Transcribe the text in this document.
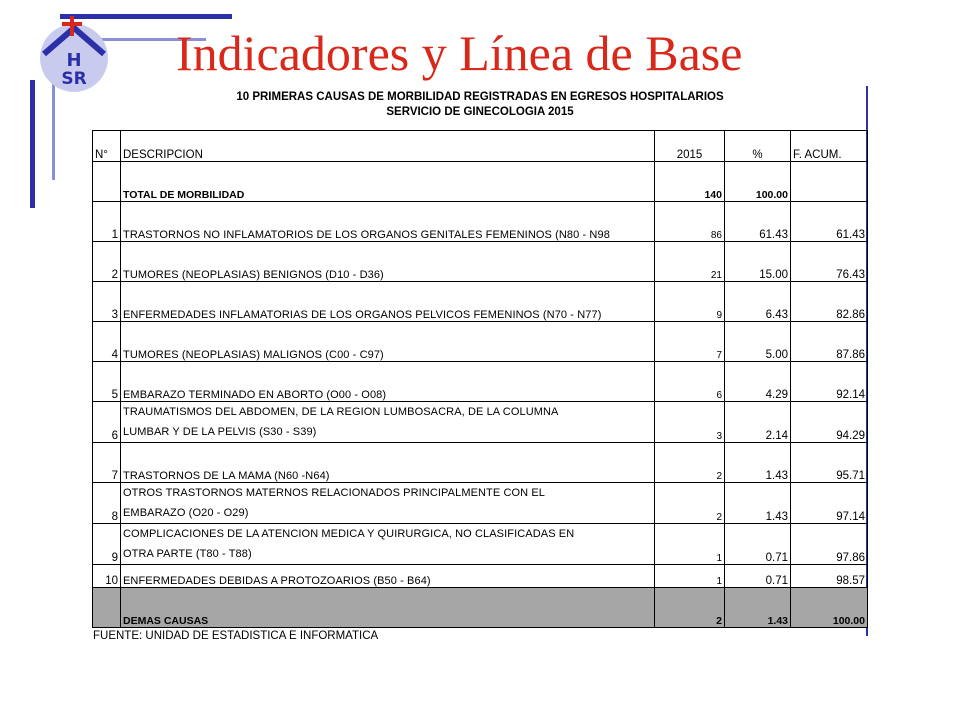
H
SR Indicadores y Línea de Base
10 PRIMERAS CAUSAS DE MORBILIDAD REGISTRADAS EN EGRESOS HOSPITALARIOS
SERVICIO DE GINECOLOGIA 2015
N°	DESCRIPCION	2015	%	F. ACUM.
	TOTAL DE MORBILIDAD	140	100.00	
1	TRASTORNOS NO INFLAMATORIOS DE LOS ORGANOS GENITALES FEMENINOS (N80 - N98	86	61.43	61.43
2	TUMORES (NEOPLASIAS) BENIGNOS (D10 - D36)	21	15.00	76.43
3	ENFERMEDADES INFLAMATORIAS DE LOS ORGANOS PELVICOS FEMENINOS (N70 - N77)	9	6.43	82.86
4	TUMORES (NEOPLASIAS) MALIGNOS (C00 - C97)	7	5.00	87.86
5	EMBARAZO TERMINADO EN ABORTO (O00 - O08)	6	4.29	92.14
6	TRAUMATISMOS DEL ABDOMEN, DE LA REGION LUMBOSACRA, DE LA COLUMNA
LUMBAR Y DE LA PELVIS (S30 - S39)	3	2.14	94.29
7	TRASTORNOS DE LA MAMA (N60 -N64)	2	1.43	95.71
8	OTROS TRASTORNOS MATERNOS RELACIONADOS PRINCIPALMENTE CON EL
EMBARAZO (O20 - O29)	2	1.43	97.14
9	COMPLICACIONES DE LA ATENCION MEDICA Y QUIRURGICA, NO CLASIFICADAS EN
OTRA PARTE (T80 - T88)	1	0.71	97.86
10	ENFERMEDADES DEBIDAS A PROTOZOARIOS (B50 - B64)	1	0.71	98.57
	DEMAS CAUSAS	2	1.43	100.00
FUENTE: UNIDAD DE ESTADISTICA E INFORMATICA
